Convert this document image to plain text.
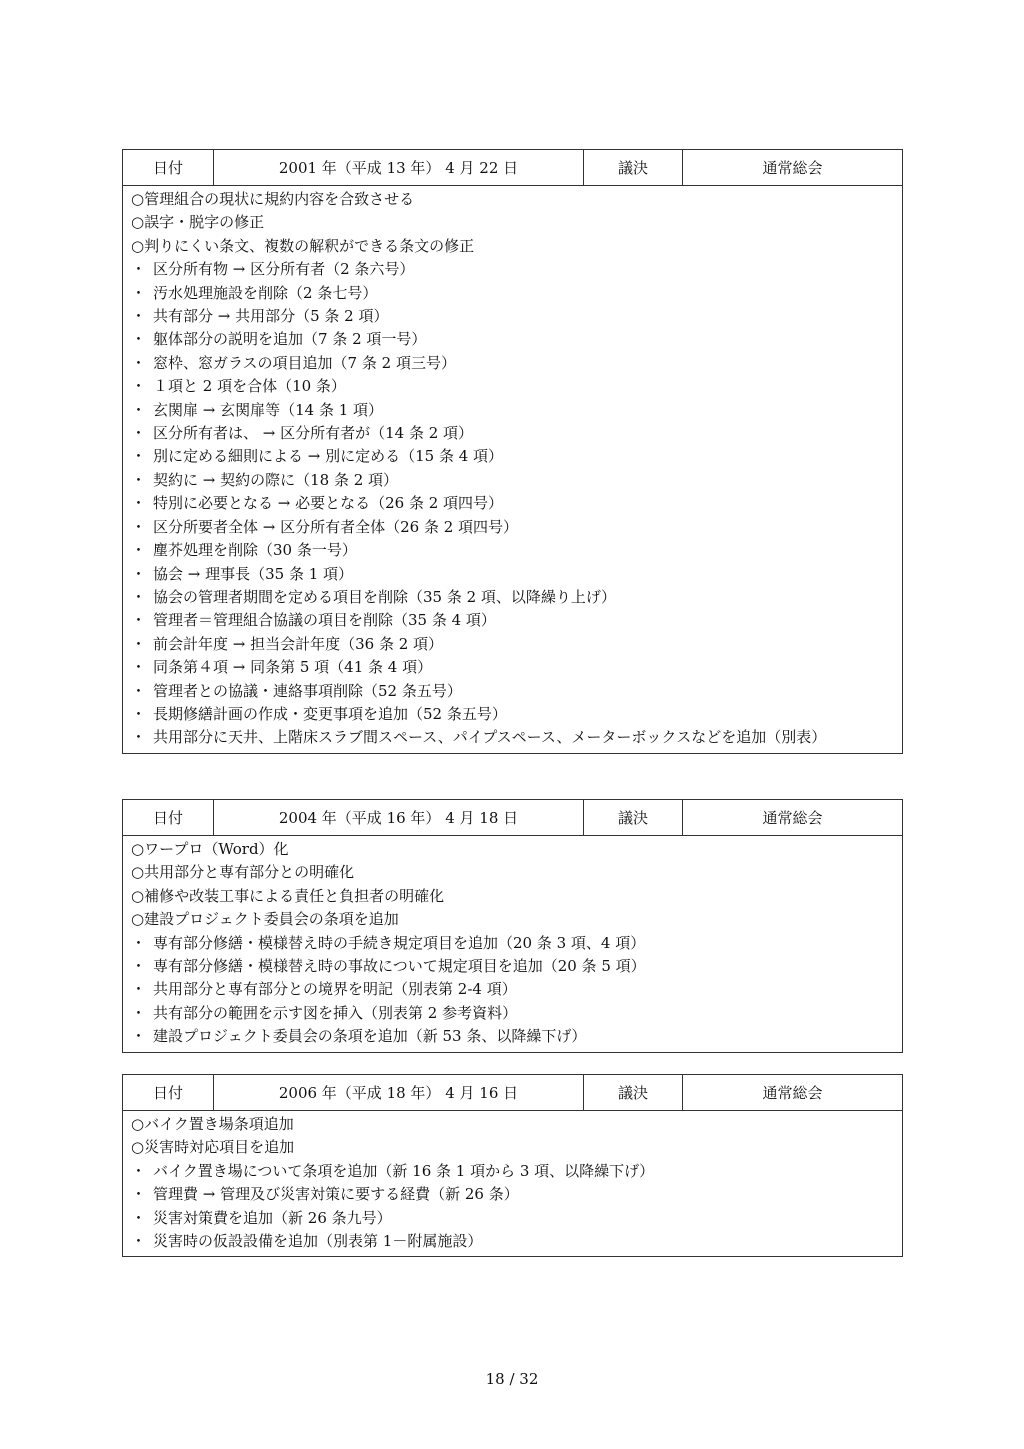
日付	2001 年（平成 13 年） 4 月 22 日	議決	通常総会
○管理組合の現状に規約内容を合致させる
○誤字・脱字の修正
○判りにくい条文、複数の解釈ができる条文の修正
・ 区分所有物 → 区分所有者（2 条六号）
・ 汚水処理施設を削除（2 条七号）
・ 共有部分 → 共用部分（5 条 2 項）
・ 躯体部分の説明を追加（7 条 2 項一号）
・ 窓枠、窓ガラスの項目追加（7 条 2 項三号）
・ １項と 2 項を合体（10 条）
・ 玄関扉 → 玄関扉等（14 条 1 項）
・ 区分所有者は、 → 区分所有者が（14 条 2 項）
・ 別に定める細則による → 別に定める（15 条 4 項）
・ 契約に → 契約の際に（18 条 2 項）
・ 特別に必要となる → 必要となる（26 条 2 項四号）
・ 区分所要者全体 → 区分所有者全体（26 条 2 項四号）
・ 塵芥処理を削除（30 条一号）
・ 協会 → 理事長（35 条 1 項）
・ 協会の管理者期間を定める項目を削除（35 条 2 項、以降繰り上げ）
・ 管理者＝管理組合協議の項目を削除（35 条 4 項）
・ 前会計年度 → 担当会計年度（36 条 2 項）
・ 同条第４項 → 同条第 5 項（41 条 4 項）
・ 管理者との協議・連絡事項削除（52 条五号）
・ 長期修繕計画の作成・変更事項を追加（52 条五号）
・ 共用部分に天井、上階床スラブ間スペース、パイプスペース、メーターボックスなどを追加（別表）
日付	2004 年（平成 16 年） 4 月 18 日	議決	通常総会
○ワープロ（Word）化
○共用部分と専有部分との明確化
○補修や改装工事による責任と負担者の明確化
○建設プロジェクト委員会の条項を追加
・ 専有部分修繕・模様替え時の手続き規定項目を追加（20 条 3 項、4 項）
・ 専有部分修繕・模様替え時の事故について規定項目を追加（20 条 5 項）
・ 共用部分と専有部分との境界を明記（別表第 2-4 項）
・ 共有部分の範囲を示す図を挿入（別表第 2 参考資料）
・ 建設プロジェクト委員会の条項を追加（新 53 条、以降繰下げ）
日付	2006 年（平成 18 年） 4 月 16 日	議決	通常総会
○バイク置き場条項追加
○災害時対応項目を追加
・ バイク置き場について条項を追加（新 16 条 1 項から 3 項、以降繰下げ）
・ 管理費 → 管理及び災害対策に要する経費（新 26 条）
・ 災害対策費を追加（新 26 条九号）
・ 災害時の仮設設備を追加（別表第 1－附属施設）
18 / 32
